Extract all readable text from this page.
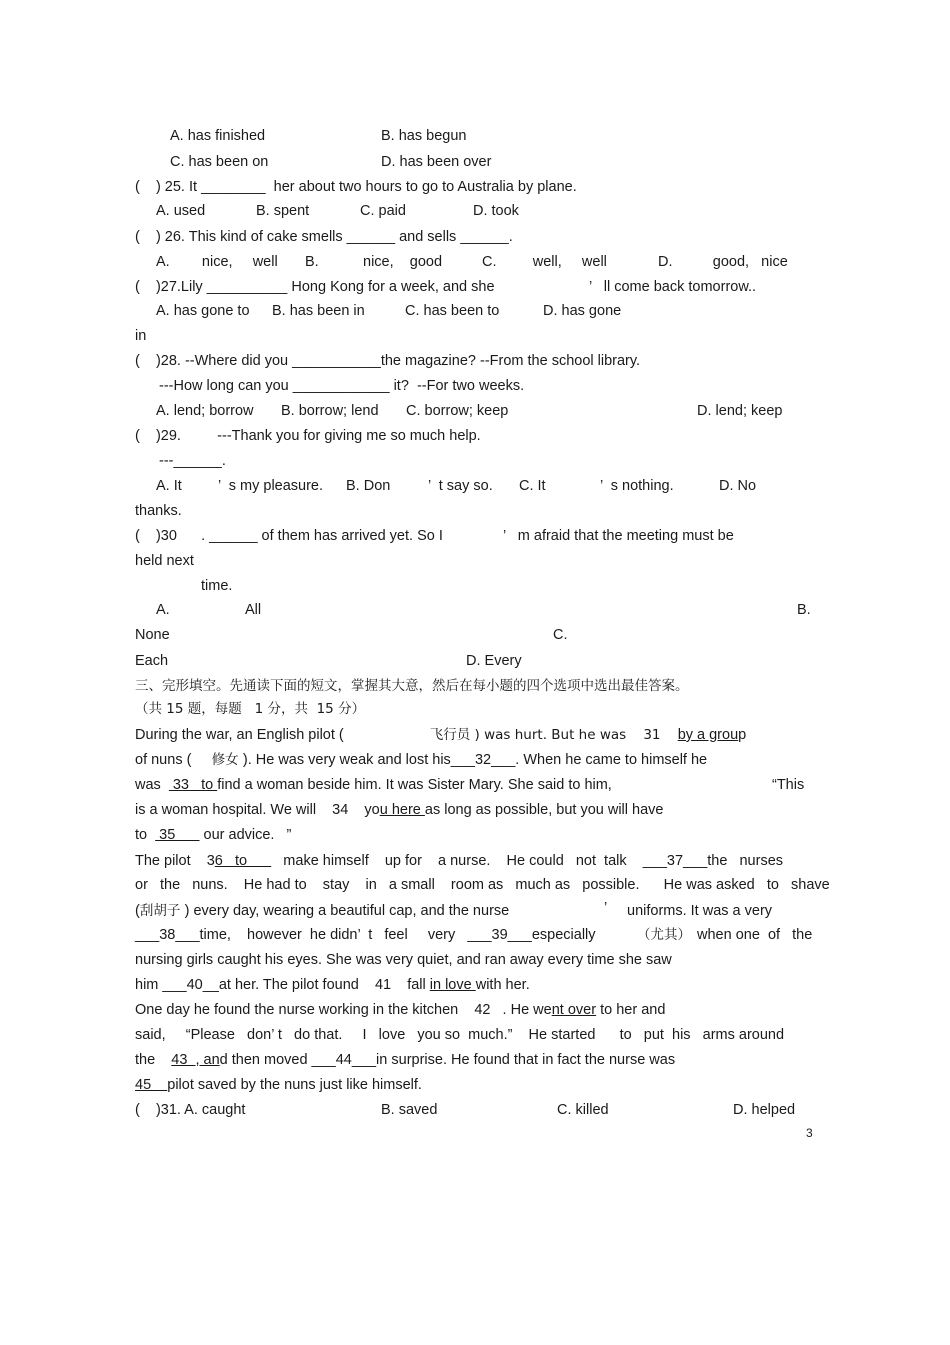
A. has finished	B. has begun
C. has been on	D. has been over
(    ) 25. It ________  her about two hours to go to Australia by plane.
A. used	B. spent	C. paid	D. took
(    ) 26. This kind of cake smells ______ and sells ______.
A.        nice,     well B.           nice,    good	C.         well,     well	D.          good,   nice
(    )27.Lily __________ Hong Kong for a week, and she	’   ll come back tomorrow..
A. has gone to B. has been in	C. has been to	D. has gone
in
(    )28. --Where did you ___________the magazine? --From the school library.
---How long can you ____________ it?  --For two weeks.
A. lend; borrow B. borrow; lend C. borrow; keep	D. lend; keep
(    )29.         ---Thank you for giving me so much help.
---______.
A. It ’  s my pleasure. B. Don	’  t say so. C. It	’  s nothing.	D. No
thanks.
(    )30      . ______ of them has arrived yet. So I	’   m afraid that the meeting must be
held next
time.
A.	All	B.
None	C.
Each	D. Every
三、完形填空。先通读下面的短文，掌握其大意，然后在每小题的四个选项中选出最佳答案。
（共 15 题，每题   1 分，共  15 分）
During the war, an English pilot (	飞行员 ) was hurt. But he was    31    by a group
of nuns (     修女 ). He was very weak and lost his___32___. When he came to himself he
was   33   to find a woman beside him. It was Sister Mary. She said to him,	“This
is a woman hospital. We will    34    you here as long as possible, but you will have
to   35       our advice.   ”
The pilot    36   to         make himself    up for    a nurse.    He could   not  talk    ___37___the   nurses
or   the   nuns.    He had to    stay    in   a small    room as   much as   possible.      He was asked   to   shave
(刮胡子 ) every day, wearing a beautiful cap, and the nurse	’ uniforms. It was a very
___38___time,    however  he didn’  t   feel     very   ___39___especially	（尤其） when one  of   the
nursing girls caught his eyes. She was very quiet, and ran away every time she saw
him ___40__at her. The pilot found    41    fall in love with her.
One day he found the nurse working in the kitchen    42   . He went over to her and
said,     “Please   don’ t   do that.     I   love   you so  much.”    He started      to   put  his   arms around
the    43  , and then moved ___44___in surprise. He found that in fact the nurse was
45    pilot saved by the nuns just like himself.
(    )31. A. caught	B. saved	C. killed	D. helped
3
